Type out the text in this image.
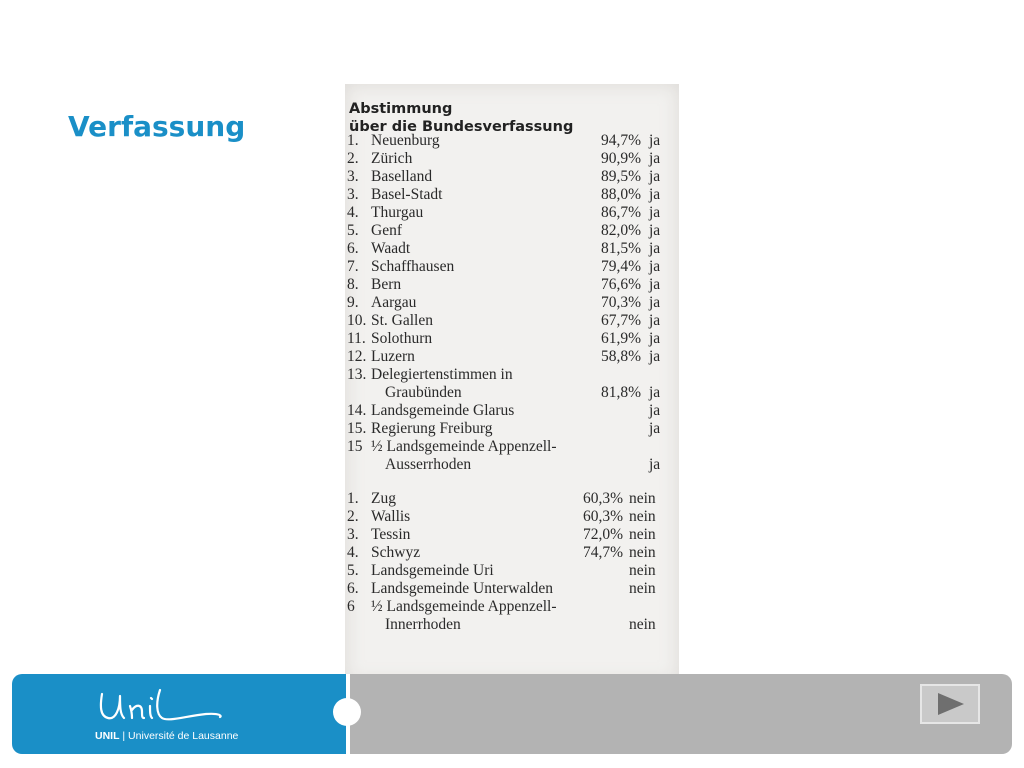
Verfassung
Abstimmung
über die Bundesverfassung
1. Neuenburg	94,7% ja
2. Zürich	90,9% ja
3. Baselland	89,5% ja
3. Basel-Stadt	88,0% ja
4. Thurgau	86,7% ja
5. Genf	82,0% ja
6. Waadt	81,5% ja
7. Schaffhausen	79,4% ja
8. Bern	76,6% ja
9. Aargau	70,3% ja
10. St. Gallen	67,7% ja
11. Solothurn	61,9% ja
12. Luzern	58,8% ja
13. Delegiertenstimmen in
Graubünden	81,8% ja
14. Landsgemeinde Glarus	ja
15. Regierung Freiburg	ja
15 ½ Landsgemeinde Appenzell-
Ausserrhoden	ja
1. Zug	60,3% nein
2. Wallis	60,3% nein
3. Tessin	72,0% nein
4. Schwyz	74,7% nein
5. Landsgemeinde Uri	nein
6. Landsgemeinde Unterwalden	nein
6 ½ Landsgemeinde Appenzell-
Innerrhoden	nein
UNIL | Université de Lausanne
